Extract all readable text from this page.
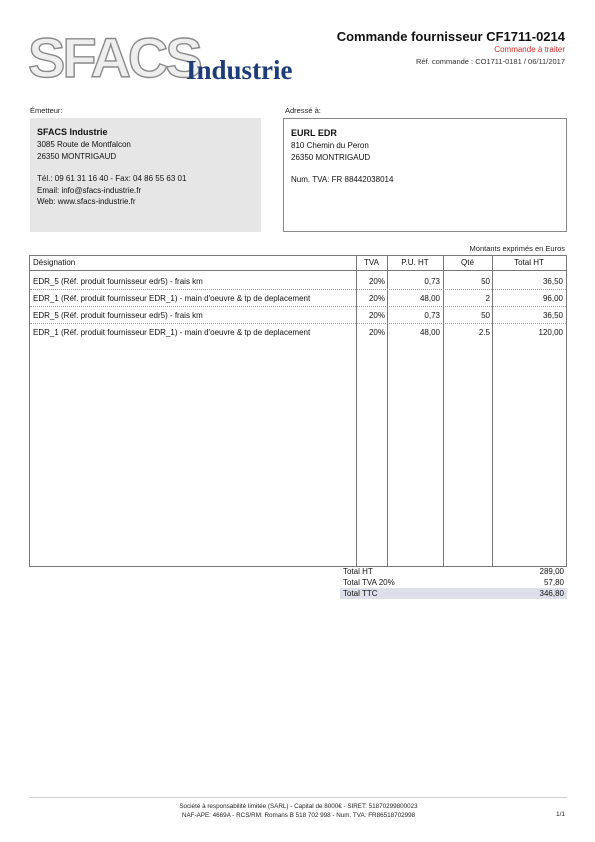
SFACS
Industrie
Commande fournisseur CF1711-0214
Commande à traiter
Réf. commande : CO1711-0181 / 06/11/2017
Émetteur:
SFACS Industrie
3085 Route de Montfalcon
26350 MONTRIGAUD
Tél.: 09 61 31 16 40 - Fax: 04 86 55 63 01
Email: info@sfacs-industrie.fr
Web: www.sfacs-industrie.fr
Adressé à:
EURL EDR
810 Chemin du Peron
26350 MONTRIGAUD
Num. TVA: FR 88442038014
Montants exprimés en Euros
Désignation	TVA	P.U. HT	Qté	Total HT
EDR_5 (Réf. produit fournisseur edr5) - frais km	20%	0,73	50	36,50
EDR_1 (Réf. produit fournisseur EDR_1) - main d'oeuvre & tp de deplacement	20%	48,00	2	96,00
EDR_5 (Réf. produit fournisseur edr5) - frais km	20%	0,73	50	36,50
EDR_1 (Réf. produit fournisseur EDR_1) - main d'oeuvre & tp de deplacement	20%	48,00	2.5	120,00
Total HT	289,00
Total TVA 20%	57,80
Total TTC	346,80
Société à responsabilité limitée (SARL) - Capital de 8000€ - SIRET: 51870299800023
NAF-APE: 4669A - RCS/RM: Romans B 518 702 998 - Num. TVA: FR86518702998	1/1
